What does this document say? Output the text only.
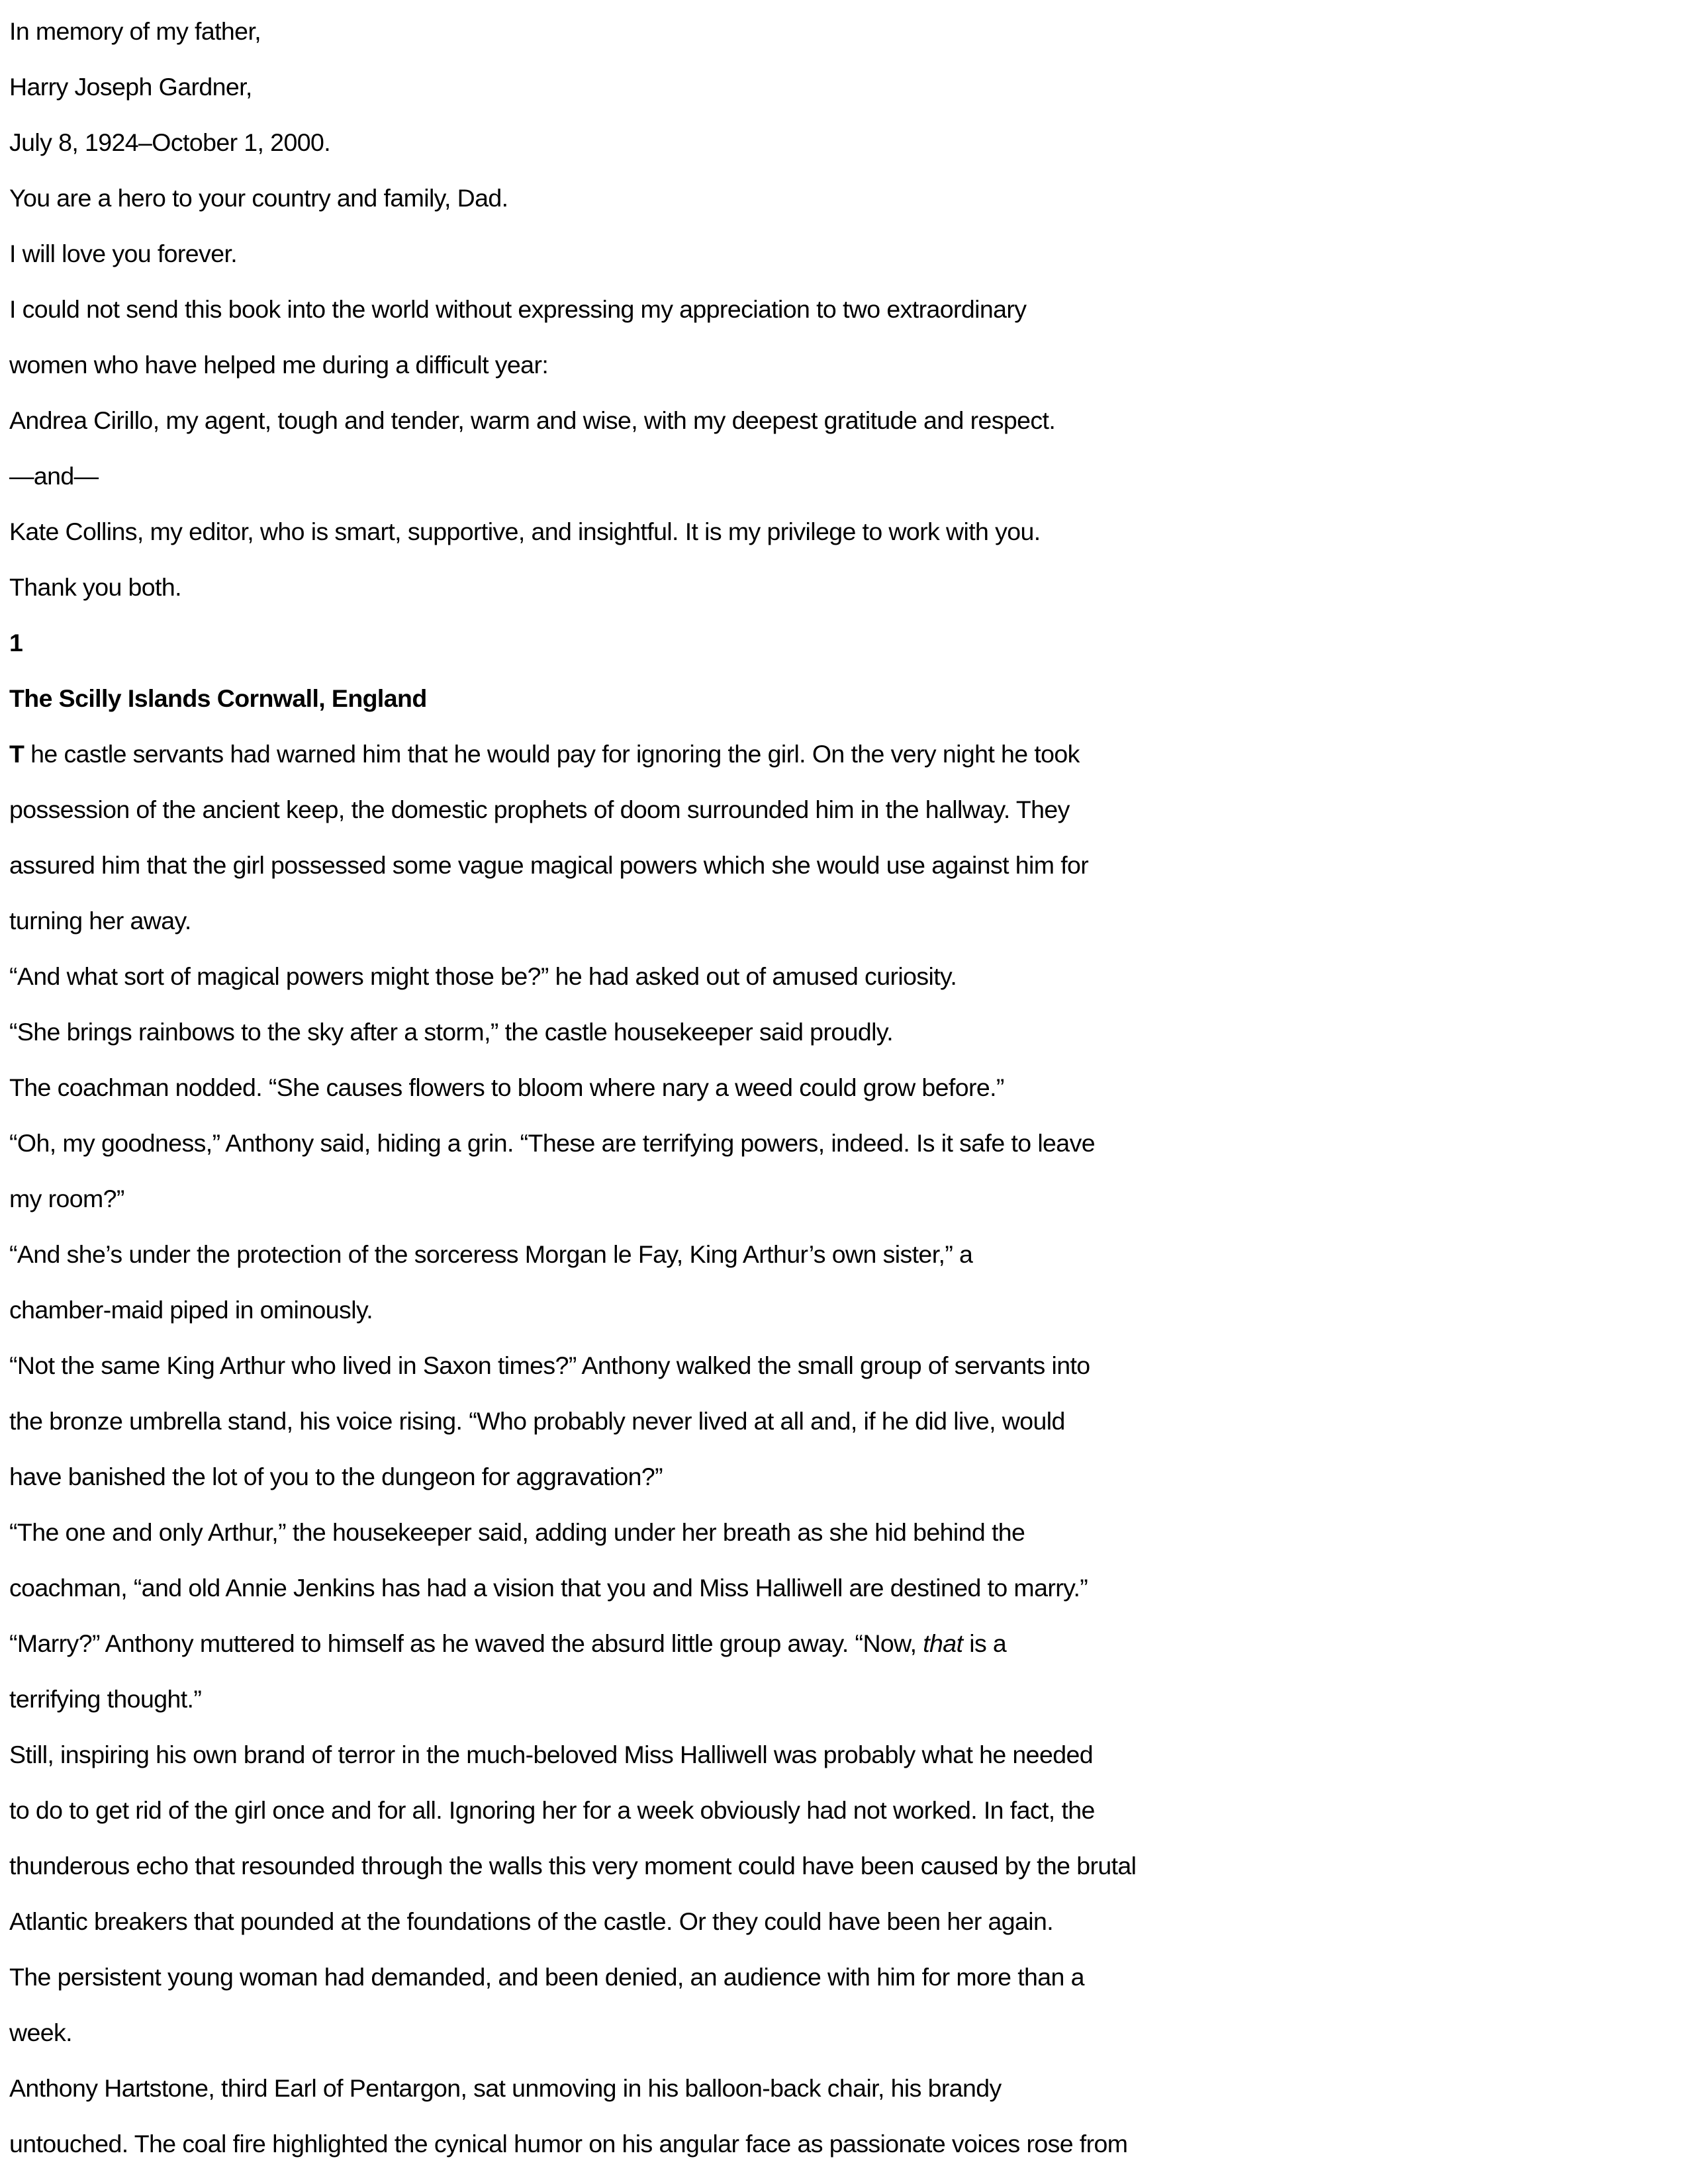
In memory of my father,
Harry Joseph Gardner,
July 8, 1924–October 1, 2000.
You are a hero to your country and family, Dad.
I will love you forever.
I could not send this book into the world without expressing my appreciation to two extraordinary
women who have helped me during a difficult year:
Andrea Cirillo, my agent, tough and tender, warm and wise, with my deepest gratitude and respect.
—and—
Kate Collins, my editor, who is smart, supportive, and insightful. It is my privilege to work with you.
Thank you both.
1
The Scilly Islands Cornwall, England
T he castle servants had warned him that he would pay for ignoring the girl. On the very night he took
possession of the ancient keep, the domestic prophets of doom surrounded him in the hallway. They
assured him that the girl possessed some vague magical powers which she would use against him for
turning her away.
“And what sort of magical powers might those be?” he had asked out of amused curiosity.
“She brings rainbows to the sky after a storm,” the castle housekeeper said proudly.
The coachman nodded. “She causes flowers to bloom where nary a weed could grow before.”
“Oh, my goodness,” Anthony said, hiding a grin. “These are terrifying powers, indeed. Is it safe to leave
my room?”
“And she’s under the protection of the sorceress Morgan le Fay, King Arthur’s own sister,” a
chamber-maid piped in ominously.
“Not the same King Arthur who lived in Saxon times?” Anthony walked the small group of servants into
the bronze umbrella stand, his voice rising. “Who probably never lived at all and, if he did live, would
have banished the lot of you to the dungeon for aggravation?”
“The one and only Arthur,” the housekeeper said, adding under her breath as she hid behind the
coachman, “and old Annie Jenkins has had a vision that you and Miss Halliwell are destined to marry.”
“Marry?” Anthony muttered to himself as he waved the absurd little group away. “Now, that is a
terrifying thought.”
Still, inspiring his own brand of terror in the much-beloved Miss Halliwell was probably what he needed
to do to get rid of the girl once and for all. Ignoring her for a week obviously had not worked. In fact, the
thunderous echo that resounded through the walls this very moment could have been caused by the brutal
Atlantic breakers that pounded at the foundations of the castle. Or they could have been her again.
The persistent young woman had demanded, and been denied, an audience with him for more than a
week.
Anthony Hartstone, third Earl of Pentargon, sat unmoving in his balloon-back chair, his brandy
untouched. The coal fire highlighted the cynical humor on his angular face as passionate voices rose from
